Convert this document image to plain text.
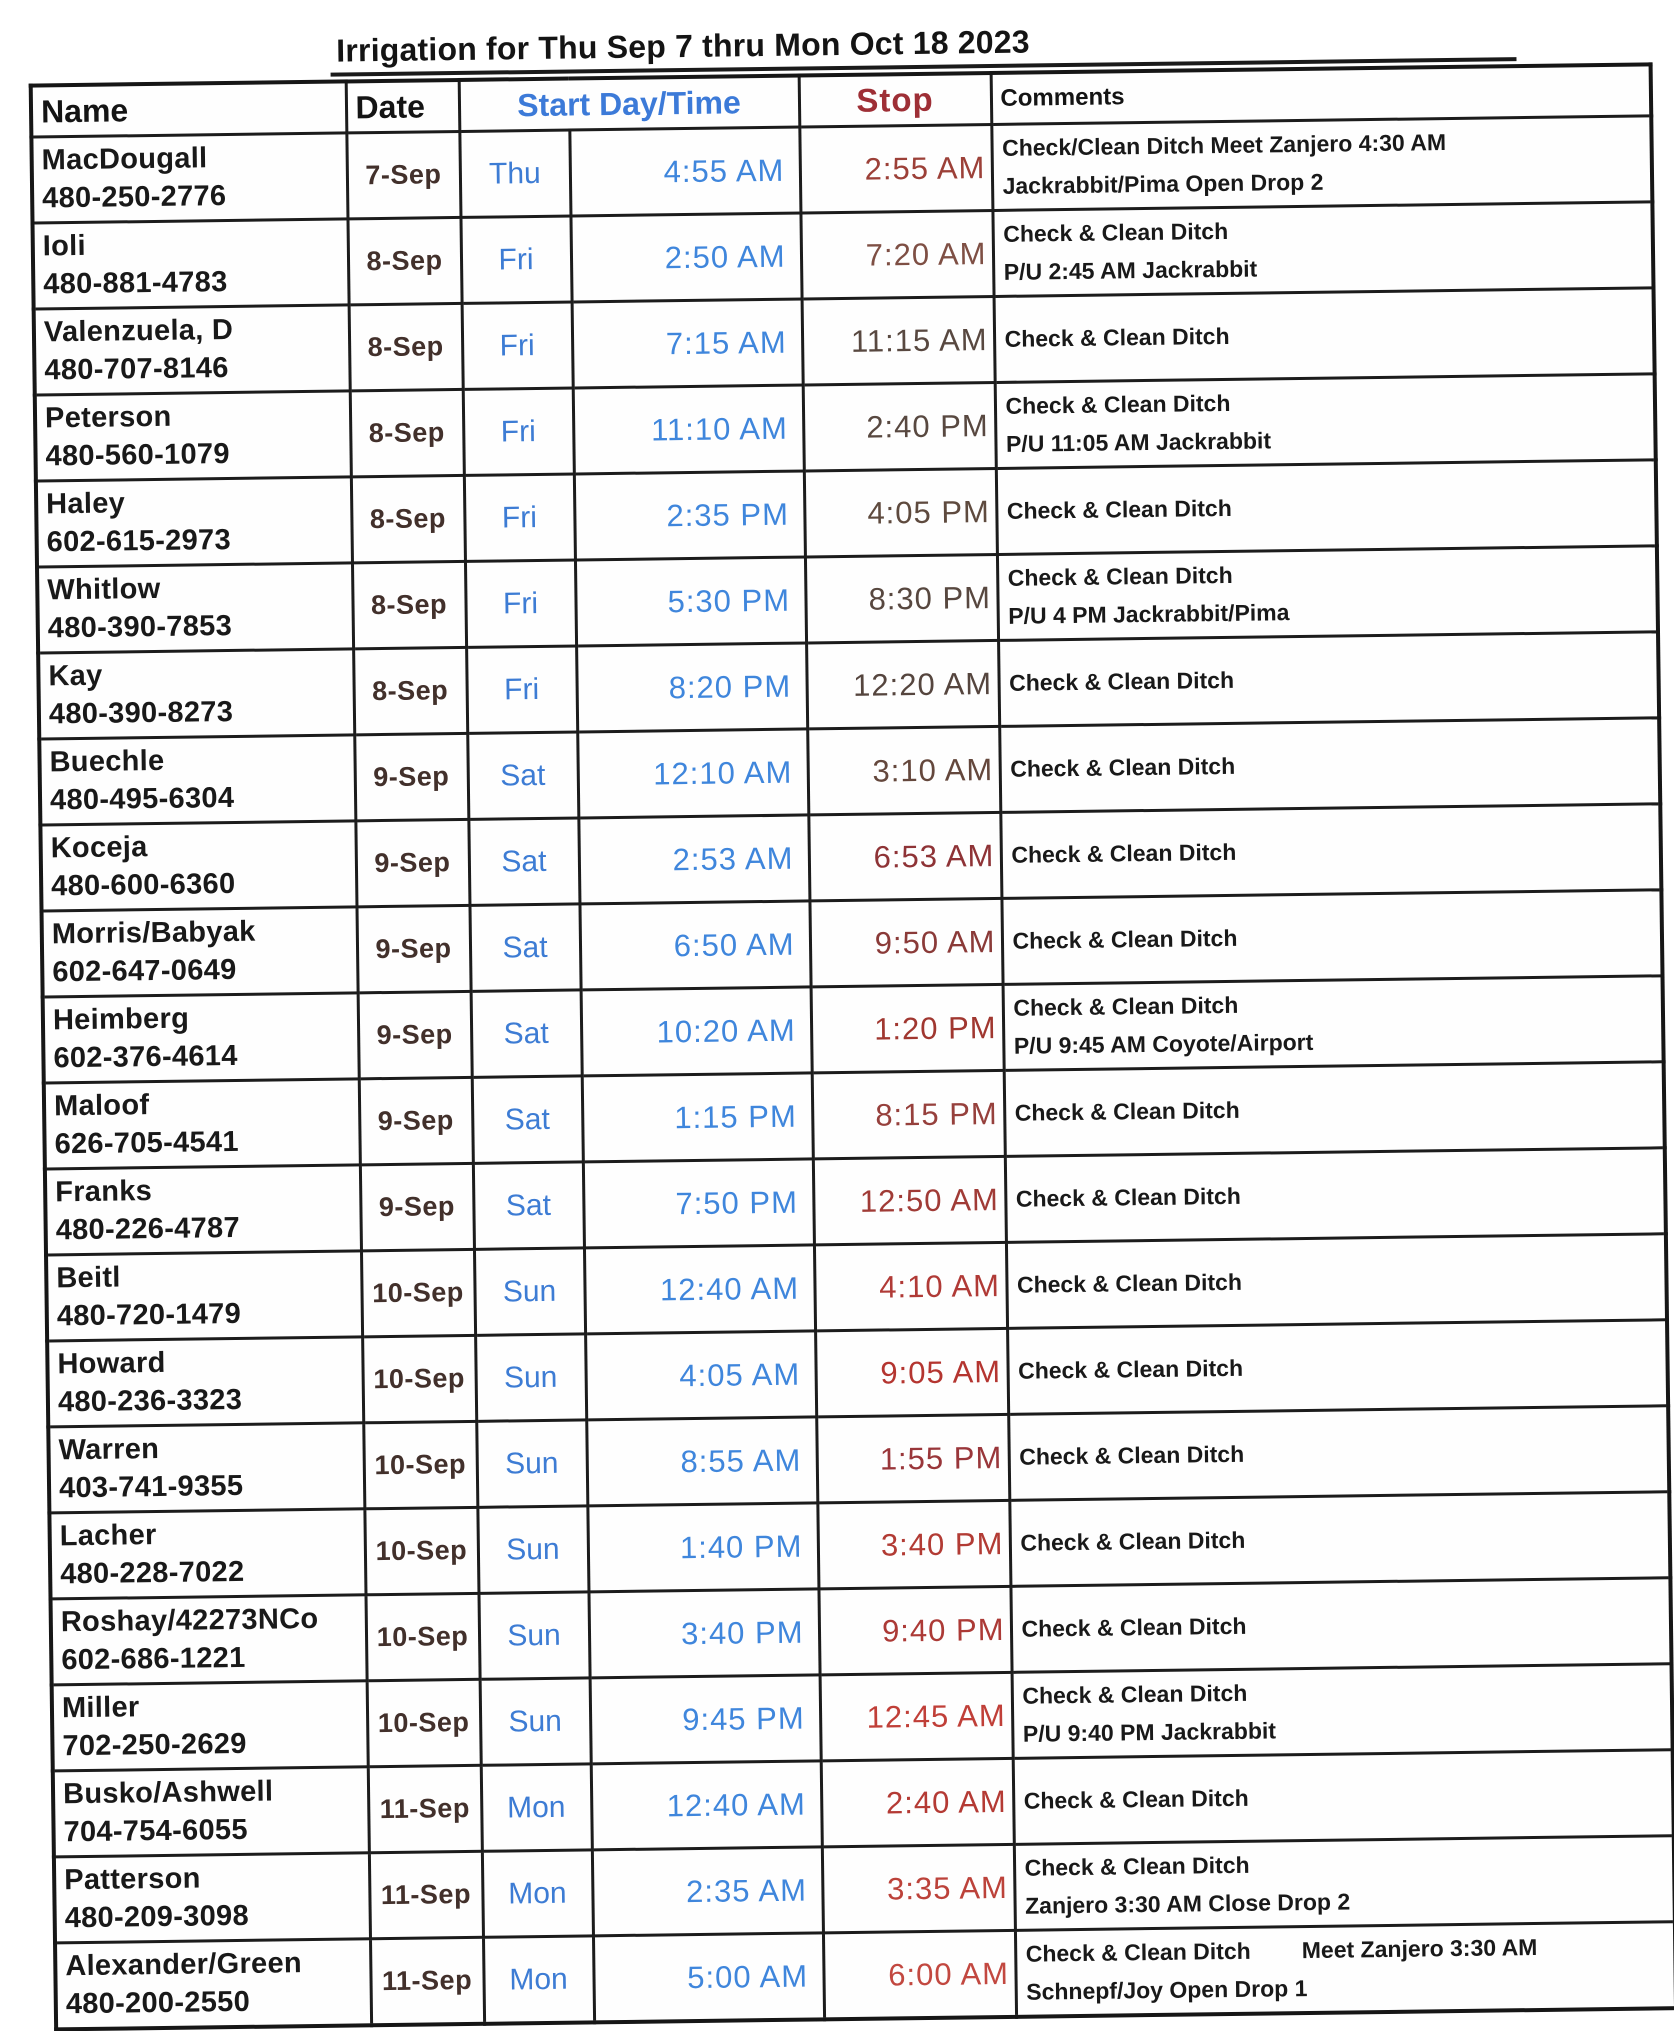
Irrigation for Thu Sep 7 thru Mon Oct 18 2023
Name	Date	Start Day/Time		Stop	Comments

MacDougall
480-250-2776
	7-Sep	Thu	4:55 AM	2:55 AM	
Check/Clean Ditch Meet Zanjero 4:30 AM
Jackrabbit/Pima Open Drop 2

Ioli
480-881-4783
	8-Sep	Fri	2:50 AM	7:20 AM	
Check & Clean Ditch
P/U 2:45 AM Jackrabbit

Valenzuela, D
480-707-8146	8-Sep	Fri	7:15 AM	11:15 AM	Check & Clean Ditch

Peterson
480-560-1079
	8-Sep	Fri	11:10 AM	2:40 PM	
Check & Clean Ditch
P/U 11:05 AM Jackrabbit

Haley
602-615-2973	8-Sep	Fri	2:35 PM	4:05 PM	Check & Clean Ditch

Whitlow
480-390-7853
	8-Sep	Fri	5:30 PM	8:30 PM	
Check & Clean Ditch
P/U 4 PM Jackrabbit/Pima

Kay
480-390-8273	8-Sep	Fri	8:20 PM	12:20 AM	Check & Clean Ditch

Buechle
480-495-6304	9-Sep	Sat	12:10 AM	3:10 AM	Check & Clean Ditch

Koceja
480-600-6360	9-Sep	Sat	2:53 AM	6:53 AM	Check & Clean Ditch

Morris/Babyak
602-647-0649	9-Sep	Sat	6:50 AM	9:50 AM	Check & Clean Ditch

Heimberg
602-376-4614
	9-Sep	Sat	10:20 AM	1:20 PM	
Check & Clean Ditch
P/U 9:45 AM Coyote/Airport

Maloof
626-705-4541	9-Sep	Sat	1:15 PM	8:15 PM	Check & Clean Ditch

Franks
480-226-4787	9-Sep	Sat	7:50 PM	12:50 AM	Check & Clean Ditch

Beitl
480-720-1479	10-Sep	Sun	12:40 AM	4:10 AM	Check & Clean Ditch

Howard
480-236-3323	10-Sep	Sun	4:05 AM	9:05 AM	Check & Clean Ditch

Warren
403-741-9355	10-Sep	Sun	8:55 AM	1:55 PM	Check & Clean Ditch

Lacher
480-228-7022	10-Sep	Sun	1:40 PM	3:40 PM	Check & Clean Ditch

Roshay/42273NCo
602-686-1221	10-Sep	Sun	3:40 PM	9:40 PM	Check & Clean Ditch

Miller
702-250-2629
	10-Sep	Sun	9:45 PM	12:45 AM	
Check & Clean Ditch
P/U 9:40 PM Jackrabbit

Busko/Ashwell
704-754-6055	11-Sep	Mon	12:40 AM	2:40 AM	Check & Clean Ditch

Patterson
480-209-3098
	11-Sep	Mon	2:35 AM	3:35 AM	
Check & Clean Ditch
Zanjero 3:30 AM Close Drop 2

Alexander/Green
480-200-2550
	11-Sep	Mon	5:00 AM	6:00 AM	
Check & Clean Ditch        Meet Zanjero 3:30 AM
Schnepf/Joy Open Drop 1
